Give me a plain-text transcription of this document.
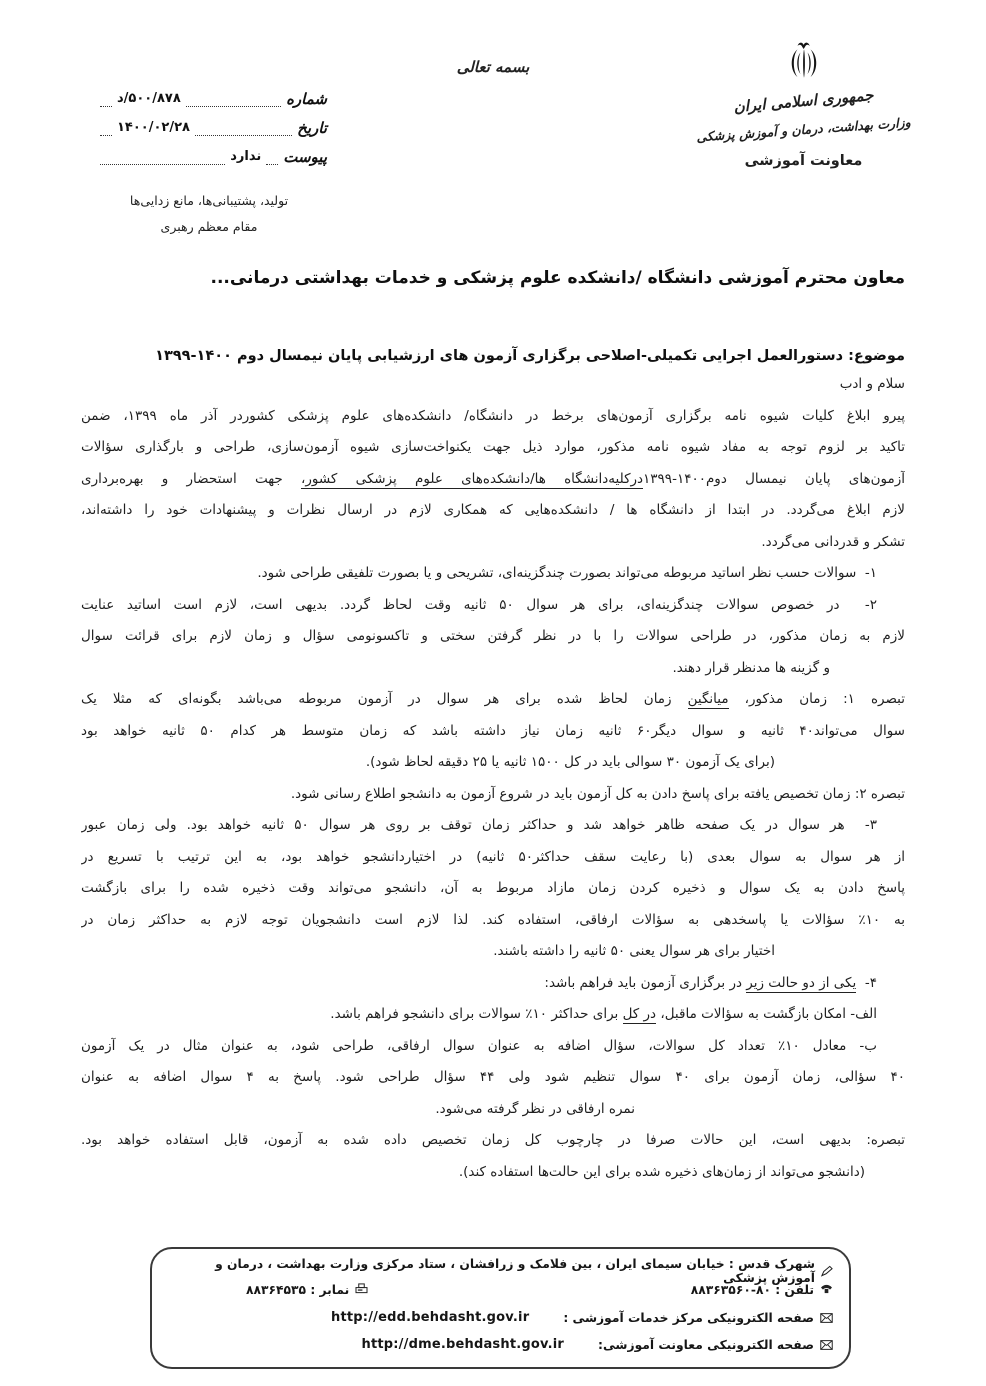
بسمه تعالی
شماره
د/۵۰۰/۸۷۸
تاریخ
۱۴۰۰/۰۲/۲۸
پیوست
ندارد
جمهوری اسلامی ایران
وزارت بهداشت، درمان و آموزش پزشکی
معاونت آموزشی
تولید، پشتیبانی‌ها، مانع زدایی‌ها
مقام معظم رهبری
معاون محترم آموزشی دانشگاه /دانشکده علوم پزشکی و خدمات بهداشتی درمانی...
موضوع: دستورالعمل اجرایی تکمیلی-اصلاحی برگزاری آزمون های ارزشیابی پایان نیمسال دوم ۱۴۰۰-۱۳۹۹
سلام و ادب
پیرو ابلاغ کلیات شیوه نامه برگزاری آزمون‌های برخط در دانشگاه/ دانشکده‌های علوم پزشکی کشوردر آذر ماه ۱۳۹۹، ضمن
تاکید بر لزوم توجه به مفاد شیوه نامه مذکور، موارد ذیل جهت یکنواخت‌سازی شیوه آزمون‌سازی، طراحی و بارگذاری سؤالات
آزمون‌های پایان نیمسال دوم۱۴۰۰-۱۳۹۹درکلیه‌دانشگاه ها/دانشکده‌های علوم پزشکی کشور، جهت استحضار و بهره‌برداری
لازم ابلاغ می‌گردد. در ابتدا از دانشگاه ها / دانشکده‌هایی که همکاری لازم در ارسال نظرات و پیشنهادات خود را داشته‌اند،
تشکر و قدردانی می‌گردد.
۱-  سوالات حسب نظر اساتید مربوطه می‌تواند بصورت چندگزینه‌ای، تشریحی و یا بصورت تلفیقی طراحی شود.
۲-  در خصوص سوالات چندگزینه‌ای، برای هر سوال ۵۰ ثانیه وقت لحاظ گردد. بدیهی است، لازم است اساتید عنایت
لازم به زمان مذکور، در طراحی سوالات را با در نظر گرفتن سختی و تاکسونومی سؤال و زمان لازم برای قرائت سوال
و گزینه ها مدنظر قرار دهند.
تبصره ۱: زمان مذکور، میانگین زمان لحاظ شده برای هر سوال در آزمون مربوطه می‌باشد بگونه‌ای که مثلا یک
سوال می‌تواند۴۰ ثانیه و سوال دیگر۶۰ ثانیه زمان نیاز داشته باشد که زمان متوسط هر کدام ۵۰ ثانیه خواهد بود
(برای یک آزمون ۳۰ سوالی باید در کل ۱۵۰۰ ثانیه یا ۲۵ دقیقه لحاظ شود).
تبصره ۲: زمان تخصیص یافته برای پاسخ دادن به کل آزمون باید در شروع آزمون به دانشجو اطلاع رسانی شود.
۳-  هر سوال در یک صفحه ظاهر خواهد شد و حداکثر زمان توقف بر روی هر سوال ۵۰ ثانیه خواهد بود. ولی زمان عبور
از هر سوال به سوال بعدی (با رعایت سقف حداکثر۵۰ ثانیه) در اختیاردانشجو خواهد بود، به این ترتیب با تسریع در
پاسخ دادن به یک سوال و ذخیره کردن زمان مازاد مربوط به آن، دانشجو می‌تواند وقت ذخیره شده را برای بازگشت
به ۱۰٪ سؤالات یا پاسخدهی به سؤالات ارفاقی، استفاده کند. لذا لازم است دانشجویان توجه لازم به حداکثر زمان در
اختیار برای هر سوال یعنی ۵۰ ثانیه را داشته باشند.
۴-  یکی از دو حالت زیر در برگزاری آزمون باید فراهم باشد:
الف- امکان بازگشت به سؤالات ماقبل، در کل برای حداکثر ۱۰٪ سوالات برای دانشجو فراهم باشد.
ب- معادل ۱۰٪ تعداد کل سوالات، سؤال اضافه به عنوان سوال ارفاقی، طراحی شود، به عنوان مثال در یک آزمون
۴۰ سؤالی، زمان آزمون برای ۴۰ سوال تنظیم شود ولی ۴۴ سؤال طراحی شود. پاسخ به ۴ سوال اضافه به عنوان
نمره ارفاقی در نظر گرفته می‌شود.
تبصره: بدیهی است، این حالات صرفا در چارچوب کل زمان تخصیص داده شده به آزمون، قابل استفاده خواهد بود.
(دانشجو می‌تواند از زمان‌های ذخیره شده برای این حالت‌ها استفاده کند).
شهرک قدس : خیابان سیمای ایران ، بین فلامک و زرافشان ، ستاد مرکزی وزارت بهداشت ، درمان و آموزش پزشکی
تلفن : ۸۰-۸۸۳۶۳۵۶۰
نمابر : ۸۸۳۶۴۵۳۵
صفحه الکترونیکی مرکز خدمات آموزشی :
http://edd.behdasht.gov.ir
صفحه الکترونیکی معاونت آموزشی:
http://dme.behdasht.gov.ir
